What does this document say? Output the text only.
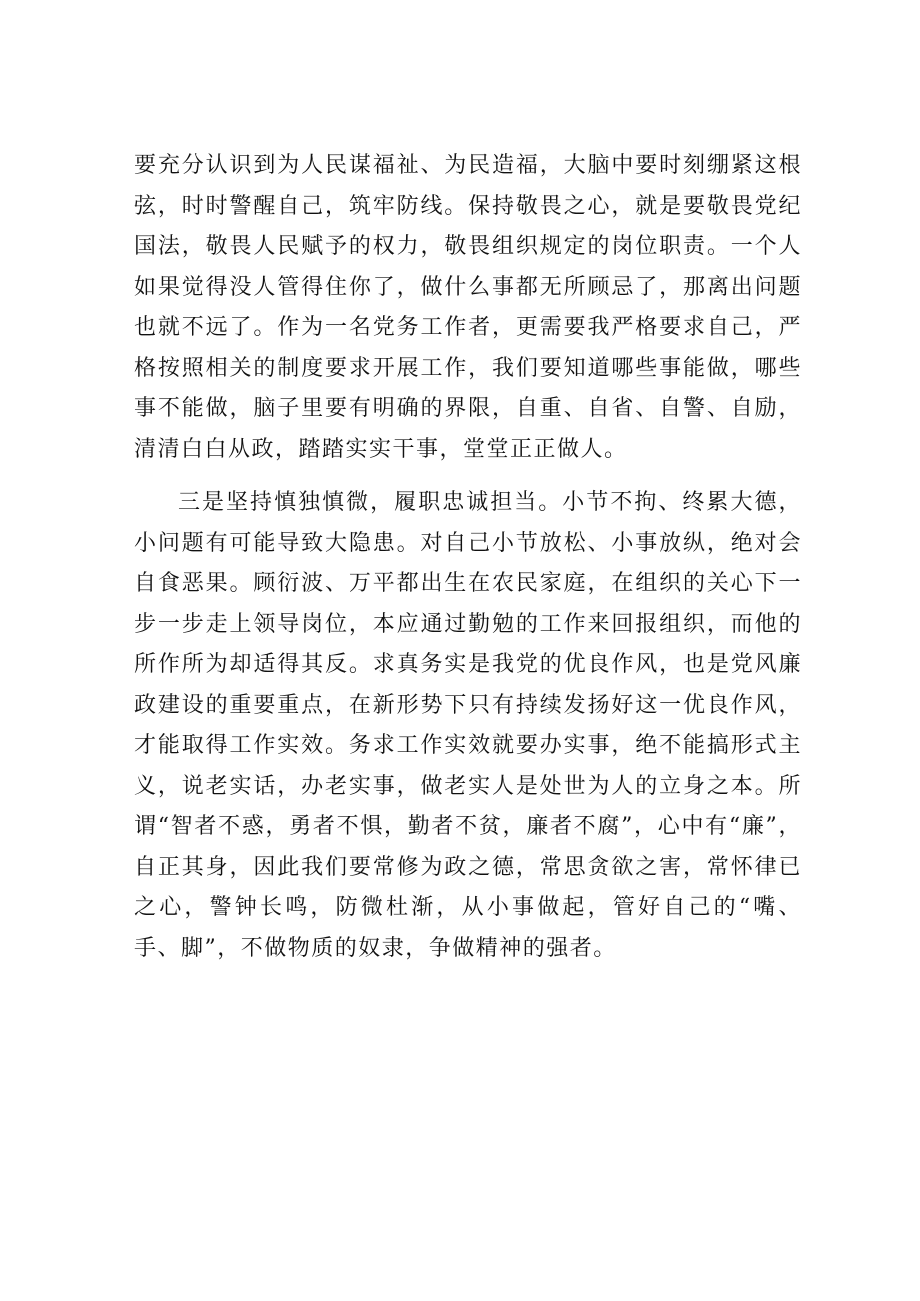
要充分认识到为人民谋福祉、为民造福，大脑中要时刻绷紧这根弦，时时警醒自己，筑牢防线。保持敬畏之心，就是要敬畏党纪国法，敬畏人民赋予的权力，敬畏组织规定的岗位职责。一个人如果觉得没人管得住你了，做什么事都无所顾忌了，那离出问题也就不远了。作为一名党务工作者，更需要我严格要求自己，严格按照相关的制度要求开展工作，我们要知道哪些事能做，哪些事不能做，脑子里要有明确的界限，自重、自省、自警、自励，清清白白从政，踏踏实实干事，堂堂正正做人。

三是坚持慎独慎微，履职忠诚担当。小节不拘、终累大德，小问题有可能导致大隐患。对自己小节放松、小事放纵，绝对会自食恶果。顾衍波、万平都出生在农民家庭，在组织的关心下一步一步走上领导岗位，本应通过勤勉的工作来回报组织，而他的所作所为却适得其反。求真务实是我党的优良作风，也是党风廉政建设的重要重点，在新形势下只有持续发扬好这一优良作风，才能取得工作实效。务求工作实效就要办实事，绝不能搞形式主义，说老实话，办老实事，做老实人是处世为人的立身之本。所谓“智者不惑，勇者不惧，勤者不贫，廉者不腐”，心中有“廉”，自正其身，因此我们要常修为政之德，常思贪欲之害，常怀律已之心，警钟长鸣，防微杜渐，从小事做起，管好自己的“嘴、手、脚”，不做物质的奴隶，争做精神的强者。
